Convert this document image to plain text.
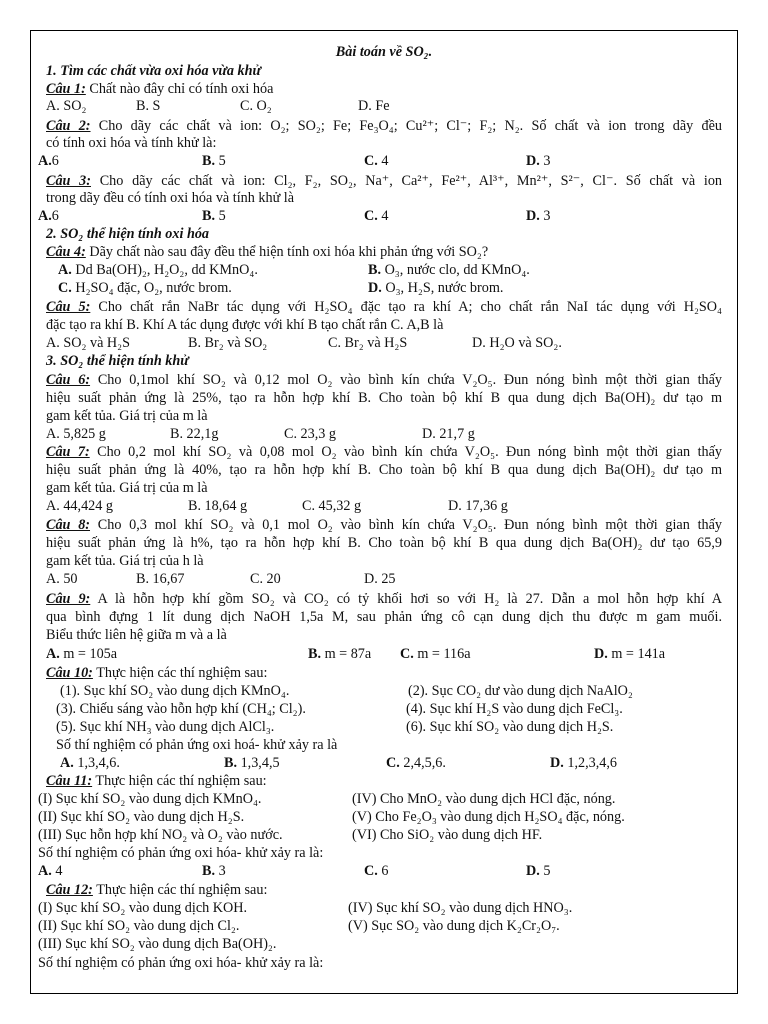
Bài toán về SO₂.
1. Tìm các chất vừa oxi hóa vừa khử
Câu 1: Chất nào đây chỉ có tính oxi hóa
A. SO₂	B. S	C. O₂	D. Fe
Câu 2: Cho dãy các chất và ion: O₂; SO₂; Fe; Fe₃O₄; Cu²⁺; Cl⁻; F₂; N₂. Số chất và ion trong dãy đều
có tính oxi hóa và tính khử là:
A.6	B. 5	C. 4	D. 3
Câu 3: Cho dãy các chất và ion: Cl₂, F₂, SO₂, Na⁺, Ca²⁺, Fe²⁺, Al³⁺, Mn²⁺, S²⁻, Cl⁻. Số chất và ion
trong dãy đều có tính oxi hóa và tính khử là
A.6	B. 5	C. 4	D. 3
2. SO₂ thể hiện tính oxi hóa
Câu 4: Dãy chất nào sau đây đều thể hiện tính oxi hóa khi phản ứng với SO₂?
A. Dd Ba(OH)₂, H₂O₂, dd KMnO₄.	B. O₃, nước clo, dd KMnO₄.
C. H₂SO₄ đặc, O₂, nước brom.	D. O₃, H₂S, nước brom.
Câu 5: Cho chất rắn NaBr tác dụng với H₂SO₄ đặc tạo ra khí A; cho chất rắn NaI tác dụng với H₂SO₄
đặc tạo ra khí B. Khí A tác dụng được với khí B tạo chất rắn C. A,B là
A. SO₂ và H₂S	B. Br₂ và SO₂	C. Br₂ và H₂S	D. H₂O và SO₂.
3. SO₂ thể hiện tính khử
Câu 6: Cho 0,1mol khí SO₂ và 0,12 mol O₂ vào bình kín chứa V₂O₅. Đun nóng bình một thời gian thấy
hiệu suất phản ứng là 25%, tạo ra hỗn hợp khí B. Cho toàn bộ khí B qua dung dịch Ba(OH)₂ dư tạo m
gam kết tủa. Giá trị của m là
A. 5,825 g	B. 22,1g	C. 23,3 g	D. 21,7 g
Câu 7: Cho 0,2 mol khí SO₂ và 0,08 mol O₂ vào bình kín chứa V₂O₅. Đun nóng bình một thời gian thấy
hiệu suất phản ứng là 40%, tạo ra hỗn hợp khí B. Cho toàn bộ khí B qua dung dịch Ba(OH)₂ dư tạo m
gam kết tủa. Giá trị của m là
A. 44,424 g	B. 18,64 g	C. 45,32 g	D. 17,36 g
Câu 8: Cho 0,3 mol khí SO₂ và 0,1 mol O₂ vào bình kín chứa V₂O₅. Đun nóng bình một thời gian thấy
hiệu suất phản ứng là h%, tạo ra hỗn hợp khí B. Cho toàn bộ khí B qua dung dịch Ba(OH)₂ dư tạo 65,9
gam kết tủa. Giá trị của h là
A. 50	B. 16,67	C. 20	D. 25
Câu 9: A là hỗn hợp khí gồm SO₂ và CO₂ có tỷ khối hơi so với H₂ là 27. Dẫn a mol hỗn hợp khí A
qua bình đựng 1 lít dung dịch NaOH 1,5a M, sau phản ứng cô cạn dung dịch thu được m gam muối.
Biểu thức liên hệ giữa m và a là
A. m = 105a	B. m = 87a C. m = 116a	D. m = 141a
Câu 10: Thực hiện các thí nghiệm sau:
(1). Sục khí SO₂ vào dung dịch KMnO₄.	(2). Sục CO₂ dư vào dung dịch NaAlO₂
(3). Chiếu sáng vào hỗn hợp khí (CH₄; Cl₂).	(4). Sục khí H₂S vào dung dịch FeCl₃.
(5). Sục khí NH₃ vào dung dịch AlCl₃.	(6). Sục khí SO₂ vào dung dịch H₂S.
Số thí nghiệm có phản ứng oxi hoá- khử xảy ra là
A. 1,3,4,6.	B. 1,3,4,5	C. 2,4,5,6.	D. 1,2,3,4,6
Câu 11: Thực hiện các thí nghiệm sau:
(I) Sục khí SO₂ vào dung dịch KMnO₄.	(IV) Cho MnO₂ vào dung dịch HCl đặc, nóng.
(II) Sục khí SO₂ vào dung dịch H₂S.	(V) Cho Fe₂O₃ vào dung dịch H₂SO₄ đặc, nóng.
(III) Sục hỗn hợp khí NO₂ và O₂ vào nước.	(VI) Cho SiO₂ vào dung dịch HF.
Số thí nghiệm có phản ứng oxi hóa- khử xảy ra là:
A. 4	B. 3	C. 6	D. 5
Câu 12: Thực hiện các thí nghiệm sau:
(I) Sục khí SO₂ vào dung dịch KOH.	(IV) Sục khí SO₂ vào dung dịch HNO₃.
(II) Sục khí SO₂ vào dung dịch Cl₂.	(V) Sục SO₂ vào dung dịch K₂Cr₂O₇.
(III) Sục khí SO₂ vào dung dịch Ba(OH)₂.
Số thí nghiệm có phản ứng oxi hóa- khử xảy ra là:
